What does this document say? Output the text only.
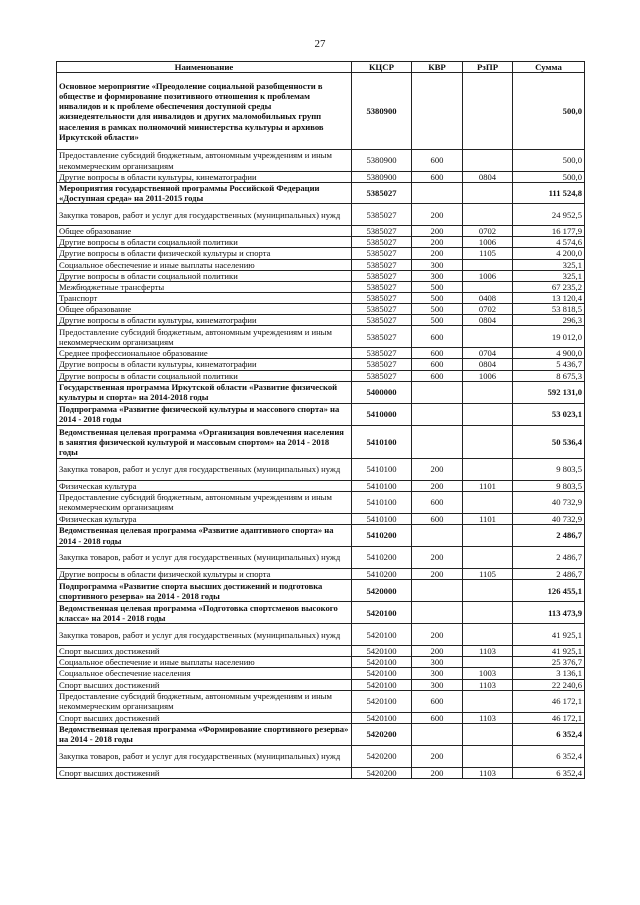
27
Наименование	КЦСР	КВР	РзПР	Сумма
Основное мероприятие «Преодоление социальной разобщенности в обществе и формирование позитивного отношения к проблемам инвалидов и к проблеме обеспечения доступной среды жизнедеятельности для инвалидов и других маломобильных групп населения в рамках полномочий министерства культуры и архивов Иркутской области»	5380900			500,0
Предоставление субсидий бюджетным, автономным учреждениям и иным некоммерческим организациям	5380900	600		500,0
Другие вопросы в области культуры, кинематографии	5380900	600	0804	500,0
Мероприятия государственной программы Российской Федерации «Доступная среда» на 2011-2015 годы	5385027			111 524,8
Закупка товаров, работ и услуг для государственных (муниципальных) нужд	5385027	200		24 952,5
Общее образование	5385027	200	0702	16 177,9
Другие вопросы в области социальной политики	5385027	200	1006	4 574,6
Другие вопросы в области физической культуры и спорта	5385027	200	1105	4 200,0
Социальное обеспечение и иные выплаты населению	5385027	300		325,1
Другие вопросы в области социальной политики	5385027	300	1006	325,1
Межбюджетные трансферты	5385027	500		67 235,2
Транспорт	5385027	500	0408	13 120,4
Общее образование	5385027	500	0702	53 818,5
Другие вопросы в области культуры, кинематографии	5385027	500	0804	296,3
Предоставление субсидий бюджетным, автономным учреждениям и иным некоммерческим организациям	5385027	600		19 012,0
Среднее профессиональное образование	5385027	600	0704	4 900,0
Другие вопросы в области культуры, кинематографии	5385027	600	0804	5 436,7
Другие вопросы в области социальной политики	5385027	600	1006	8 675,3
Государственная программа Иркутской области «Развитие физической культуры и спорта» на 2014-2018 годы	5400000			592 131,0
Подпрограмма «Развитие физической культуры и массового спорта» на 2014 - 2018 годы	5410000			53 023,1
Ведомственная целевая программа «Организация вовлечения населения в занятия физической культурой и массовым спортом» на 2014 - 2018 годы	5410100			50 536,4
Закупка товаров, работ и услуг для государственных (муниципальных) нужд	5410100	200		9 803,5
Физическая культура	5410100	200	1101	9 803,5
Предоставление субсидий бюджетным, автономным учреждениям и иным некоммерческим организациям	5410100	600		40 732,9
Физическая культура	5410100	600	1101	40 732,9
Ведомственная целевая программа «Развитие адаптивного спорта» на 2014 - 2018 годы	5410200			2 486,7
Закупка товаров, работ и услуг для государственных (муниципальных) нужд	5410200	200		2 486,7
Другие вопросы в области физической культуры и спорта	5410200	200	1105	2 486,7
Подпрограмма «Развитие спорта высших достижений и подготовка спортивного резерва» на 2014 - 2018 годы	5420000			126 455,1
Ведомственная целевая программа «Подготовка спортсменов высокого класса» на 2014 - 2018 годы	5420100			113 473,9
Закупка товаров, работ и услуг для государственных (муниципальных) нужд	5420100	200		41 925,1
Спорт высших достижений	5420100	200	1103	41 925,1
Социальное обеспечение и иные выплаты населению	5420100	300		25 376,7
Социальное обеспечение населения	5420100	300	1003	3 136,1
Спорт высших достижений	5420100	300	1103	22 240,6
Предоставление субсидий бюджетным, автономным учреждениям и иным некоммерческим организациям	5420100	600		46 172,1
Спорт высших достижений	5420100	600	1103	46 172,1
Ведомственная целевая программа «Формирование спортивного резерва» на 2014 - 2018 годы	5420200			6 352,4
Закупка товаров, работ и услуг для государственных (муниципальных) нужд	5420200	200		6 352,4
Спорт высших достижений	5420200	200	1103	6 352,4
